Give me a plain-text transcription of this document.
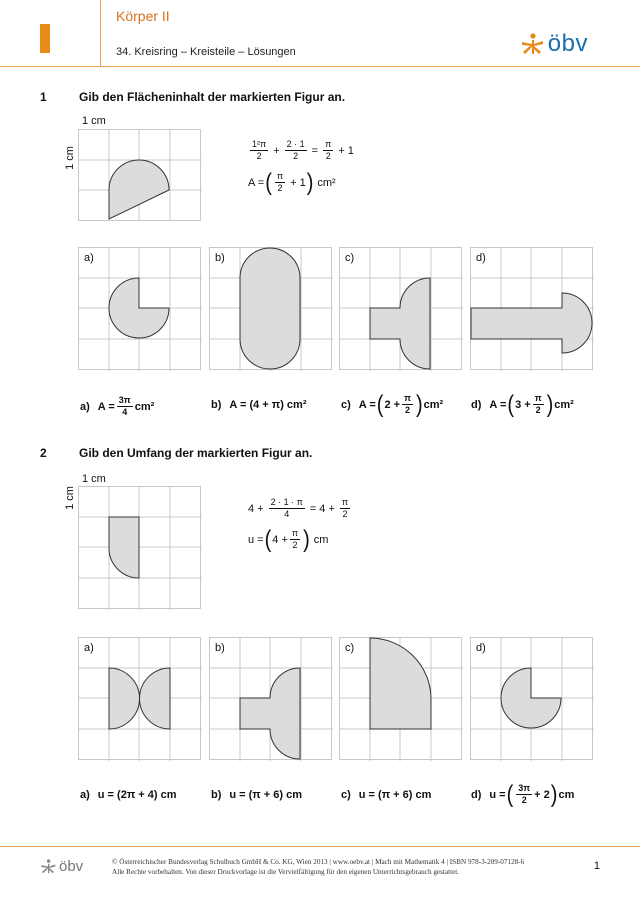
Körper II
34. Kreisring – Kreisteile – Lösungen	öbv
1	Gib den Flächeninhalt der markierten Figur an.
1 cm
1 cm	$\frac{\text{1²π}}{2} + \frac{2 \cdot 1}{2} = \frac{\pi}{2} + 1$
A = ( $\frac{\pi}{2} + 1$ ) cm²
a)	b)	c)	d)
a) $A = \frac{3\pi}{4} cm^2$	b) A = (4 + π) cm²	c) A = ( $2 + \frac{\pi}{2}$ ) cm²	d) A = ( $3 + \frac{\pi}{2}$ ) cm²
2	Gib den Umfang der markierten Figur an.
1 cm
1 cm	$4 + \frac{2 \cdot 1 \cdot \pi}{4} = 4 + \frac{\pi}{2}$
u = ( $4 + \frac{\pi}{2}$ ) cm
a)	b)	c)	d)
a) u = (2π + 4) cm	b) u = (π + 6) cm	c) u = (π + 6) cm	d) u = ( $\frac{3\pi}{2} + 2$ ) cm
öbv	© Österreichischer Bundesverlag Schulbuch GmbH & Co. KG, Wien 2013 | www.oebv.at | Mach mit Mathematik 4 | ISBN 978-3-209-07128-6
Alle Rechte vorbehalten. Von dieser Druckvorlage ist die Vervielfältigung für den eigenen Unterrichtsgebrauch gestattet.	1
